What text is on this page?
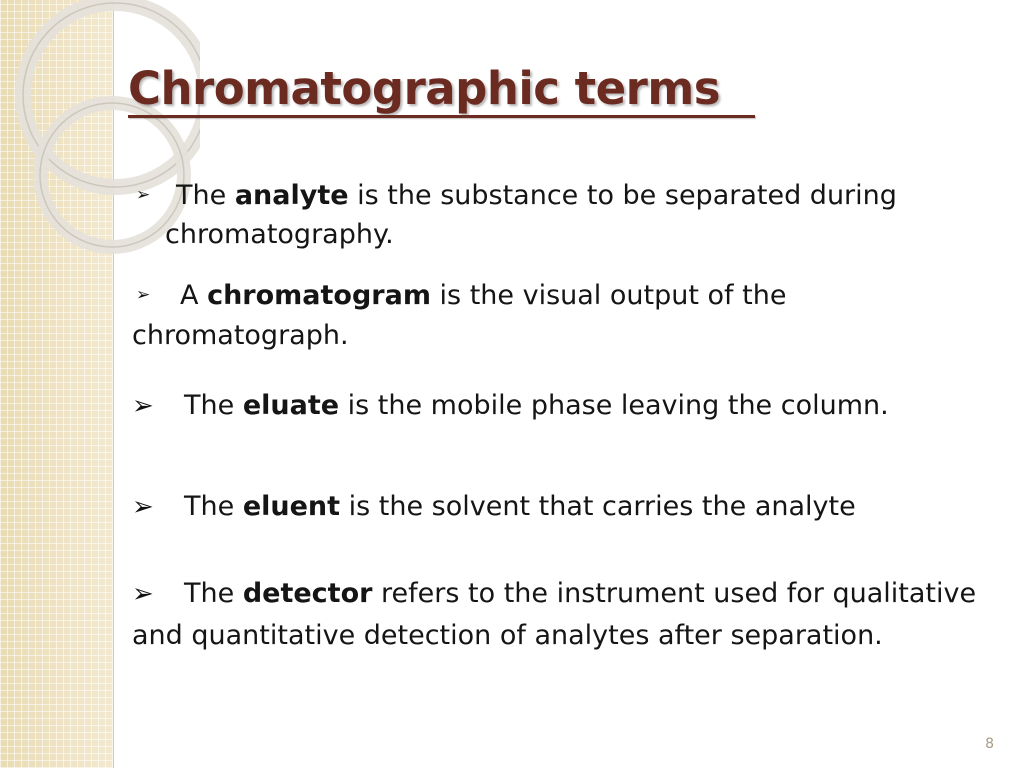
Chromatographic terms

➢ The analyte is the substance to be separated during
chromatography.

➢ A chromatogram is the visual output of the
chromatograph.

➢ The eluate is the mobile phase leaving the column.

➢ The eluent is the solvent that carries the analyte

➢ The detector refers to the instrument used for qualitative
and quantitative detection of analytes after separation.

8
